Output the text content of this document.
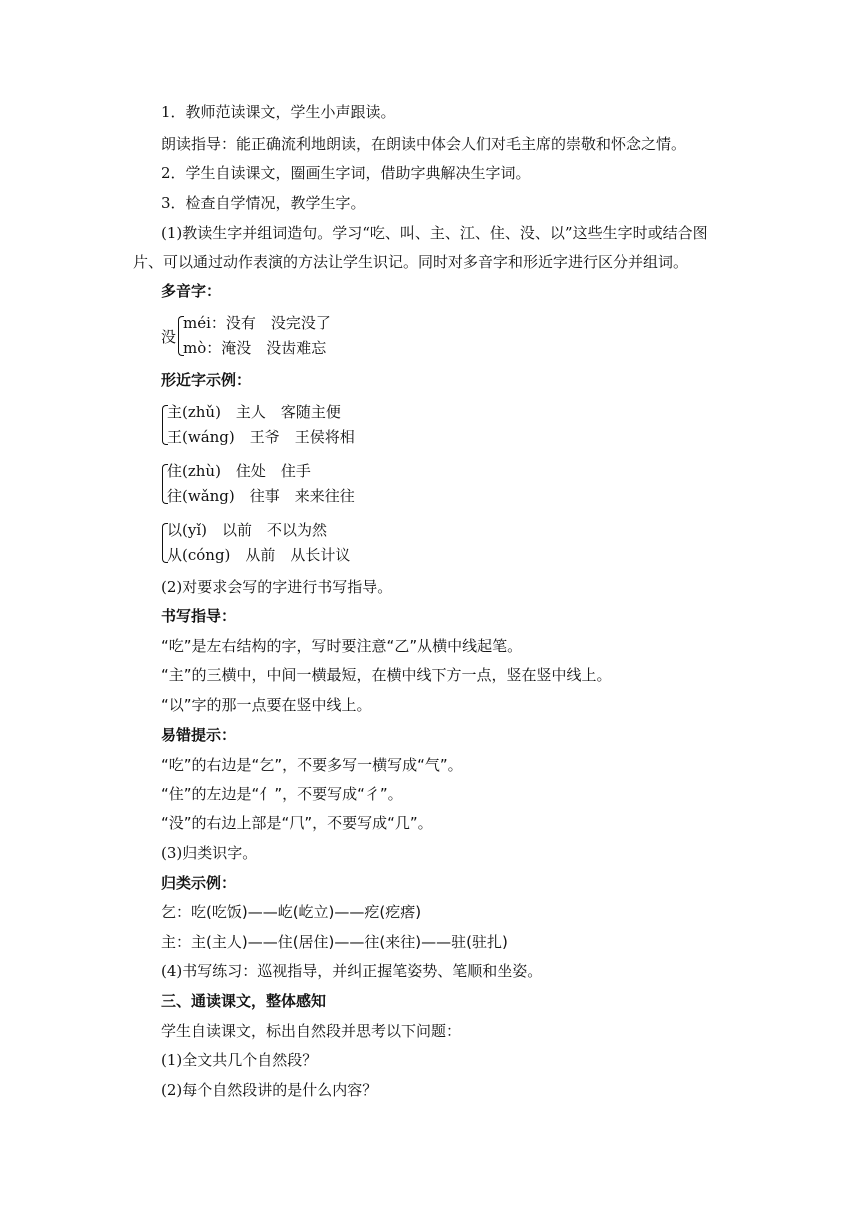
1．教师范读课文，学生小声跟读。
朗读指导：能正确流利地朗读，在朗读中体会人们对毛主席的崇敬和怀念之情。
2．学生自读课文，圈画生字词，借助字典解决生字词。
3．检查自学情况，教学生字。
(1)教读生字并组词造句。学习“吃、叫、主、江、住、没、以”这些生字时或结合图
片、可以通过动作表演的方法让学生识记。同时对多音字和形近字进行区分并组词。
多音字：
没
méi：没有　没完没了
mò：淹没　没齿难忘
形近字示例：
主(zhǔ)　主人　客随主便
王(wáng)　王爷　王侯将相
住(zhù)　住处　住手
往(wǎng)　往事　来来往往
以(yǐ)　以前　不以为然
从(cóng)　从前　从长计议
(2)对要求会写的字进行书写指导。
书写指导：
“吃”是左右结构的字，写时要注意“乙”从横中线起笔。
“主”的三横中，中间一横最短，在横中线下方一点，竖在竖中线上。
“以”字的那一点要在竖中线上。
易错提示：
“吃”的右边是“乞”，不要多写一横写成“气”。
“住”的左边是“亻”，不要写成“彳”。
“没”的右边上部是“⺇”，不要写成“几”。
(3)归类识字。
归类示例：
乞：吃(吃饭)——屹(屹立)——疙(疙瘩)
主：主(主人)——住(居住)——往(来往)——驻(驻扎)
(4)书写练习：巡视指导，并纠正握笔姿势、笔顺和坐姿。
三、通读课文，整体感知
学生自读课文，标出自然段并思考以下问题：
(1)全文共几个自然段？
(2)每个自然段讲的是什么内容？
